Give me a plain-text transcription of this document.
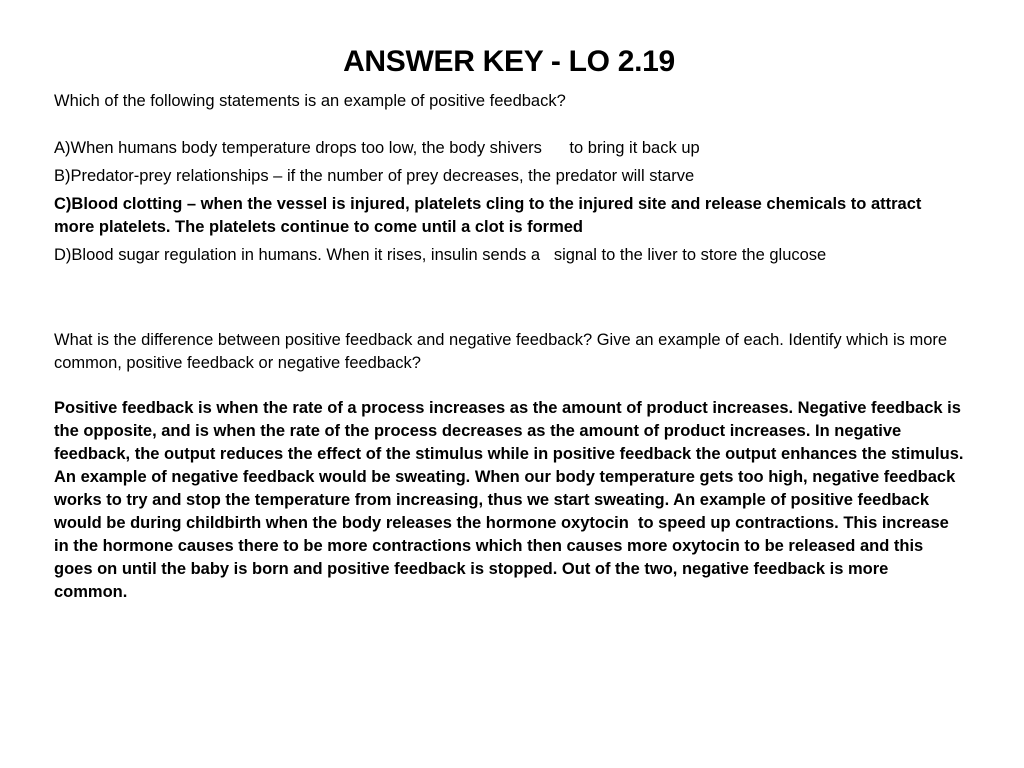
ANSWER KEY - LO 2.19

Which of the following statements is an example of positive feedback?

A)When humans body temperature drops too low, the body shivers      to bring it back up

B)Predator-prey relationships – if the number of prey decreases, the predator will starve

C)Blood clotting – when the vessel is injured, platelets cling to the injured site and release chemicals to attract more platelets. The platelets continue to come until a clot is formed

D)Blood sugar regulation in humans. When it rises, insulin sends a   signal to the liver to store the glucose

What is the difference between positive feedback and negative feedback? Give an example of each. Identify which is more common, positive feedback or negative feedback?

Positive feedback is when the rate of a process increases as the amount of product increases. Negative feedback is the opposite, and is when the rate of the process decreases as the amount of product increases. In negative feedback, the output reduces the effect of the stimulus while in positive feedback the output enhances the stimulus. An example of negative feedback would be sweating. When our body temperature gets too high, negative feedback works to try and stop the temperature from increasing, thus we start sweating. An example of positive feedback would be during childbirth when the body releases the hormone oxytocin  to speed up contractions. This increase in the hormone causes there to be more contractions which then causes more oxytocin to be released and this goes on until the baby is born and positive feedback is stopped. Out of the two, negative feedback is more common.
